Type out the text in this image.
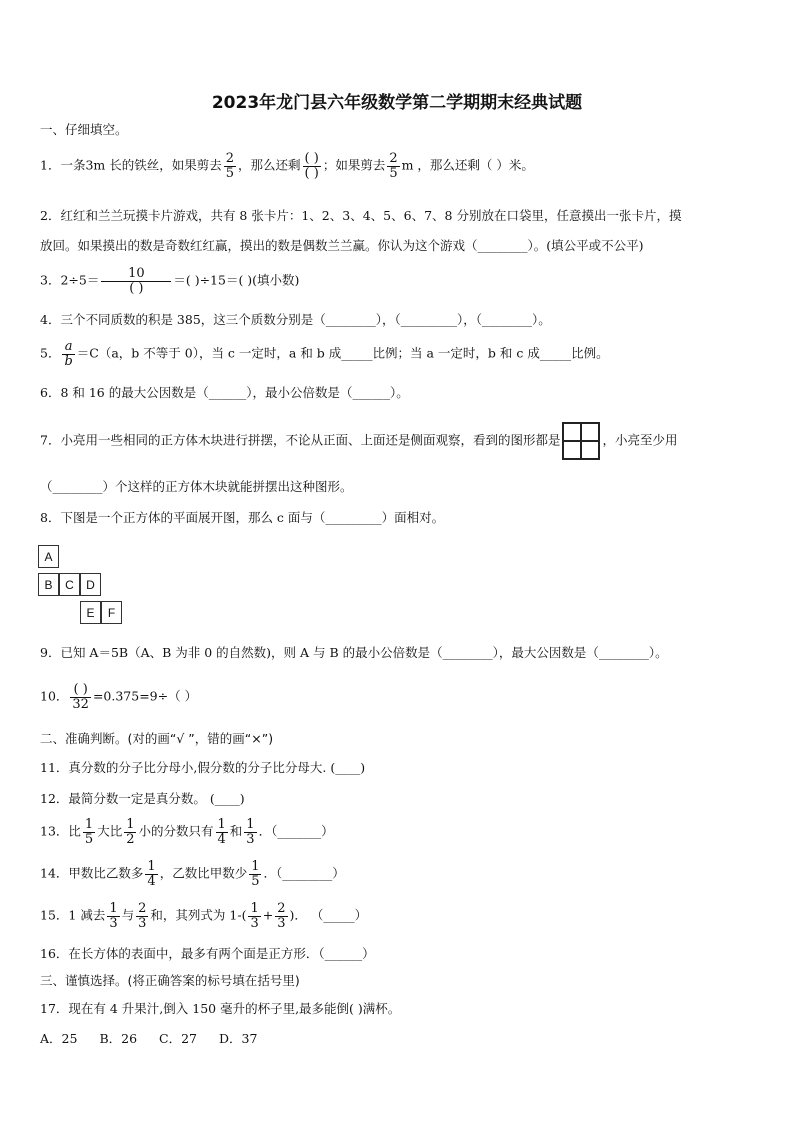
2023年龙门县六年级数学第二学期期末经典试题
一、仔细填空。
1．一条3m 长的铁丝，如果剪去 $\frac{2}{5}$ ，那么还剩 $\frac{( )}{( )}$ ；如果剪去 $\frac{2}{5}$ m ，那么还剩（ ）米。
2．红红和兰兰玩摸卡片游戏，共有 8 张卡片：1、2、3、4、5、6、7、8 分别放在口袋里，任意摸出一张卡片，摸
放回。如果摸出的数是奇数红红赢，摸出的数是偶数兰兰赢。你认为这个游戏（________）。(填公平或不公平)
3．$2\div 5= \frac{10}{( )}$ ＝( )÷15＝( )(填小数)
4．三个不同质数的积是 385，这三个质数分别是（________），（_________），（________）。
5． $\frac{a}{b} =C(a$，b 不等于 0），当 c 一定时，a 和 b 成_____比例；当 a 一定时，b 和 c 成_____比例。
6．8 和 16 的最大公因数是（______），最小公倍数是（______）。
7．小亮用一些相同的正方体木块进行拼摆，不论从正面、上面还是侧面观察，看到的图形都是	，小亮至少用
（________）个这样的正方体木块就能拼摆出这种图形。
8．下图是一个正方体的平面展开图，那么 c 面与（_________）面相对。
A
B	C	D
E	F
9．已知 A＝5B（A、B 为非 0 的自然数)，则 A 与 B 的最小公倍数是（________），最大公因数是（________）。
10． $\frac{( )}{32} =0.375=9\div$（ ）
二、准确判断。(对的画“√ ”，错的画“×”)
11．真分数的分子比分母小,假分数的分子比分母大. (____)
12．最简分数一定是真分数。 (____)
13．比 $\frac{1}{5}$ 大比 $\frac{1}{2}$ 小的分数只有 $\frac{1}{4}$ 和 $\frac{1}{3}$ ．（_______）
14．甲数比乙数多 $\frac{1}{4}$ ，乙数比甲数少 $\frac{1}{5}$ ．（________）
15．1 减去 $\frac{1}{3}$ 与 $\frac{2}{3}$ 和，其列式为 $1-( \frac{1}{3} + \frac{2}{3}$ )． （_____）
16．在长方体的表面中，最多有两个面是正方形．（______）
三、谨慎选择。(将正确答案的标号填在括号里)
17．现在有 4 升果汁,倒入 150 毫升的杯子里,最多能倒( )满杯。
A．25 B．26 C．27 D．37
